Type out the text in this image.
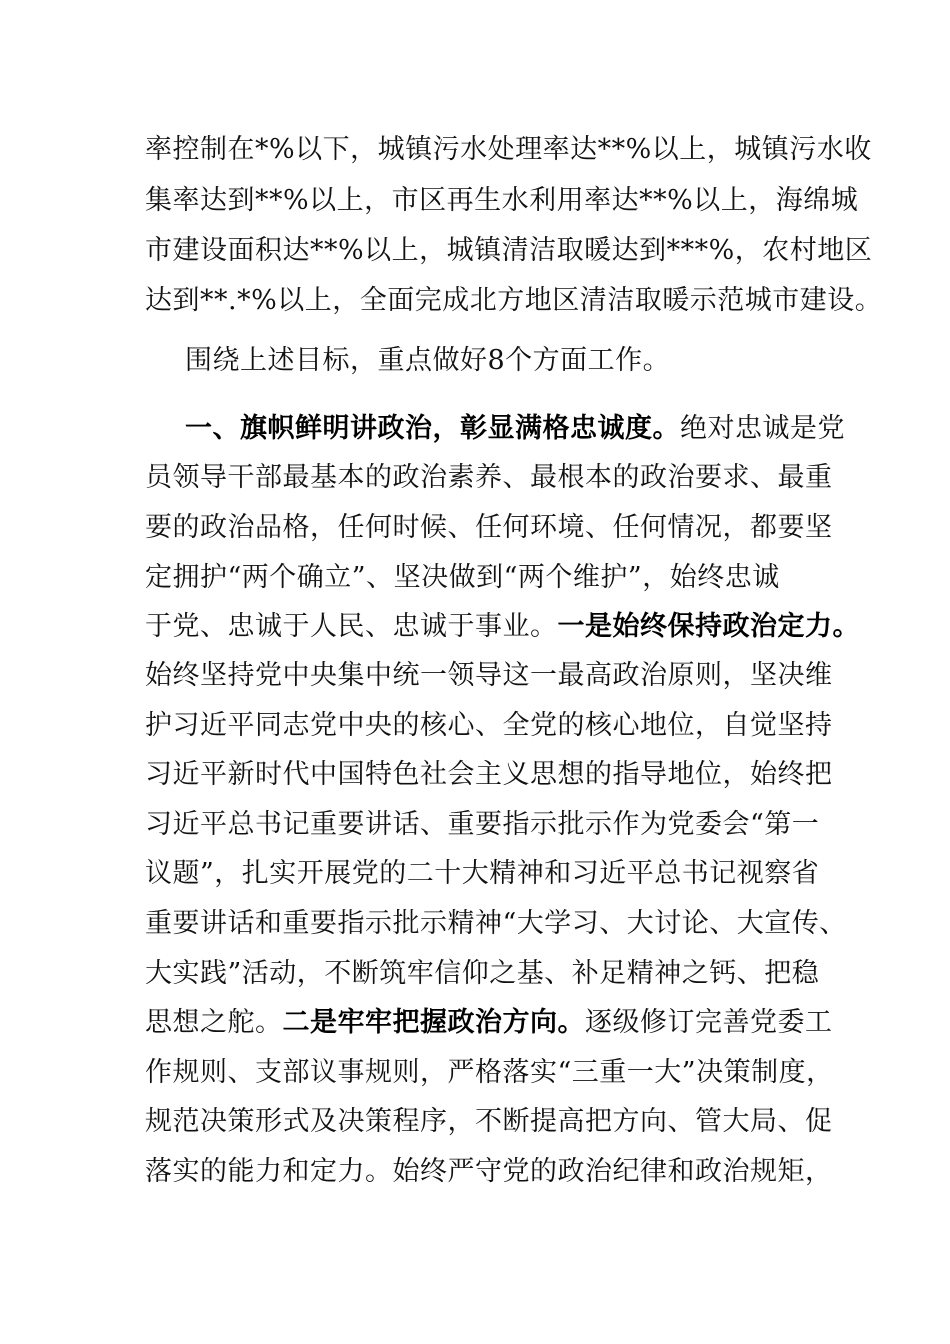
率控制在*%以下，城镇污水处理率达**%以上，城镇污水收
集率达到**%以上，市区再生水利用率达**%以上，海绵城
市建设面积达**%以上，城镇清洁取暖达到***%，农村地区
达到**.*%以上，全面完成北方地区清洁取暖示范城市建设。
围绕上述目标，重点做好8个方面工作。
一、旗帜鲜明讲政治，彰显满格忠诚度。绝对忠诚是党
员领导干部最基本的政治素养、最根本的政治要求、最重
要的政治品格，任何时候、任何环境、任何情况，都要坚
定拥护“两个确立”、坚决做到“两个维护”，始终忠诚
于党、忠诚于人民、忠诚于事业。一是始终保持政治定力。
始终坚持党中央集中统一领导这一最高政治原则，坚决维
护习近平同志党中央的核心、全党的核心地位，自觉坚持
习近平新时代中国特色社会主义思想的指导地位，始终把
习近平总书记重要讲话、重要指示批示作为党委会“第一
议题”，扎实开展党的二十大精神和习近平总书记视察省
重要讲话和重要指示批示精神“大学习、大讨论、大宣传、
大实践”活动，不断筑牢信仰之基、补足精神之钙、把稳
思想之舵。二是牢牢把握政治方向。逐级修订完善党委工
作规则、支部议事规则，严格落实“三重一大”决策制度，
规范决策形式及决策程序，不断提高把方向、管大局、促
落实的能力和定力。始终严守党的政治纪律和政治规矩，
